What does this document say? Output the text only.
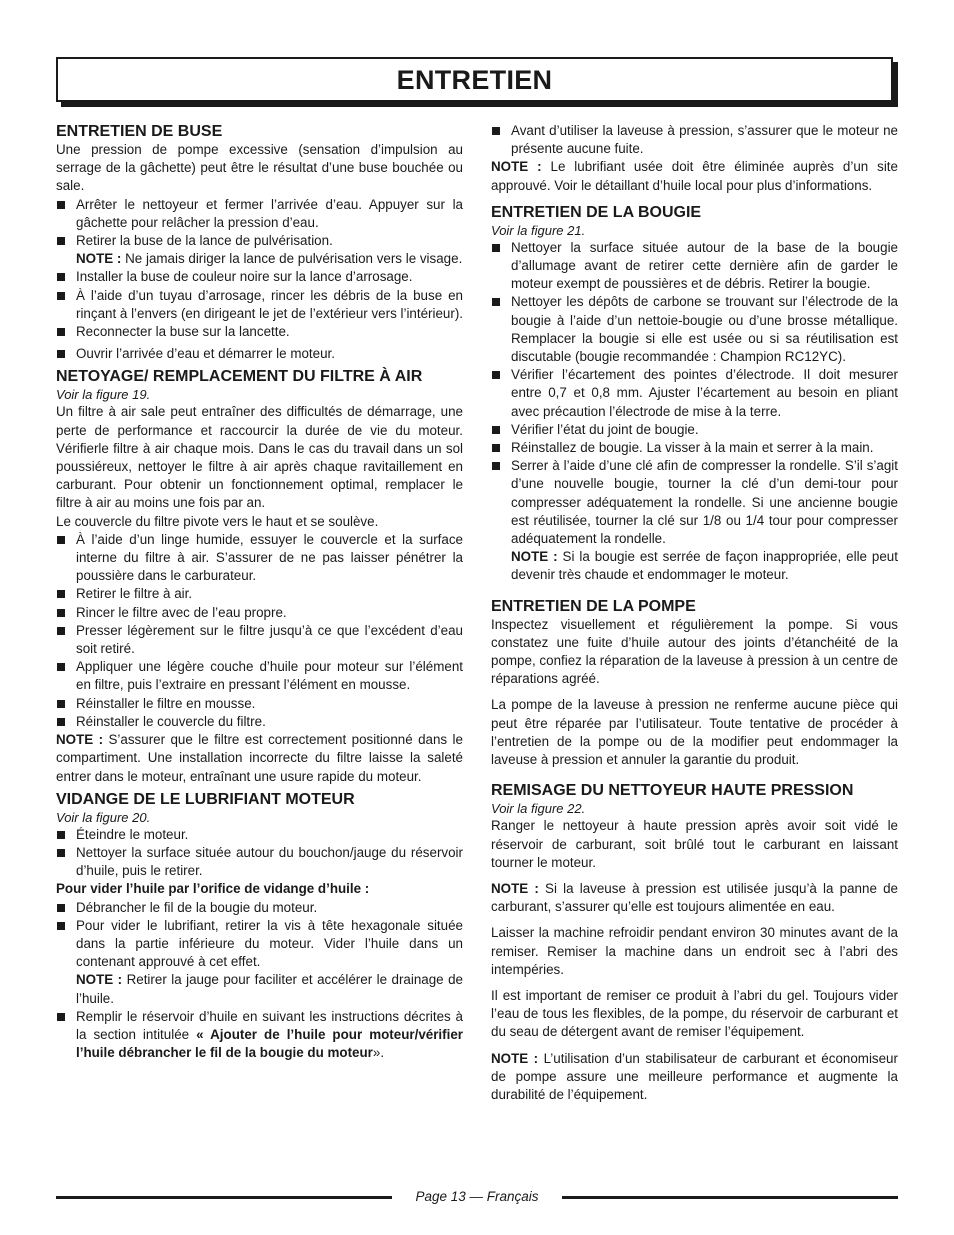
ENTRETIEN

ENTRETIEN DE BUSE

Une pression de pompe excessive (sensation d’impulsion au serrage de la gâchette) peut être le résultat d’une buse bouchée ou sale.

Arrêter le nettoyeur et fermer l’arrivée d’eau. Appuyer sur la gâchette pour relâcher la pression d’eau.
Retirer la buse de la lance de pulvérisation.
NOTE : Ne jamais diriger la lance de pulvérisation vers le visage.
Installer la buse de couleur noire sur la lance d’arrosage.
À l’aide d’un tuyau d’arrosage, rincer les débris de la buse en rinçant à l’envers (en dirigeant le jet de l’extérieur vers l’intérieur).
Reconnecter la buse sur la lancette.
Ouvrir l’arrivée d’eau et démarrer le moteur.

NETOYAGE/ REMPLACEMENT DU FILTRE À AIR

Voir la figure 19.

Un filtre à air sale peut entraîner des difficultés de démarrage, une perte de performance et raccourcir la durée de vie du moteur. Vérifierle filtre à air chaque mois. Dans le cas du travail dans un sol poussiéreux, nettoyer le filtre à air après chaque ravitaillement en carburant. Pour obtenir un fonctionnement optimal, remplacer le filtre à air au moins une fois par an.

Le couvercle du filtre pivote vers le haut et se soulève.

À l’aide d’un linge humide, essuyer le couvercle et la surface interne du filtre à air. S’assurer de ne pas laisser pénétrer la poussière dans le carburateur.
Retirer le filtre à air.
Rincer le filtre avec de l’eau propre.
Presser légèrement sur le filtre jusqu’à ce que l’excédent d’eau soit retiré.
Appliquer une légère couche d’huile pour moteur sur l’élément en filtre, puis l’extraire en pressant l’élément en mousse.
Réinstaller le filtre en mousse.
Réinstaller le couvercle du filtre.

NOTE : S’assurer que le filtre est correctement positionné dans le compartiment. Une installation incorrecte du filtre laisse la saleté entrer dans le moteur, entraînant une usure rapide du moteur.

VIDANGE DE LE LUBRIFIANT MOTEUR

Voir la figure 20.

Éteindre le moteur.
Nettoyer la surface située autour du bouchon/jauge du réservoir d’huile, puis le retirer.

Pour vider l’huile par l’orifice de vidange d’huile :

Débrancher le fil de la bougie du moteur.
Pour vider le lubrifiant, retirer la vis à tête hexagonale située dans la partie inférieure du moteur. Vider l’huile dans un contenant approuvé à cet effet.
NOTE : Retirer la jauge pour faciliter et accélérer le drainage de l’huile.
Remplir le réservoir d’huile en suivant les instructions décrites à la section intitulée « Ajouter de l’huile pour moteur/vérifier l’huile débrancher le fil de la bougie du moteur».
Avant d’utiliser la laveuse à pression, s’assurer que le moteur ne présente aucune fuite.

NOTE : Le lubrifiant usée doit être éliminée auprès d’un site approuvé. Voir le détaillant d’huile local pour plus d’informations.

ENTRETIEN DE LA BOUGIE

Voir la figure 21.

Nettoyer la surface située autour de la base de la bougie d’allumage avant de retirer cette dernière afin de garder le moteur exempt de poussières et de débris. Retirer la bougie.
Nettoyer les dépôts de carbone se trouvant sur l’électrode de la bougie à l’aide d’un nettoie-bougie ou d’une brosse métallique. Remplacer la bougie si elle est usée ou si sa réutilisation est discutable (bougie recommandée : Champion RC12YC).
Vérifier l’écartement des pointes d’électrode. Il doit mesurer entre 0,7 et 0,8 mm. Ajuster l’écartement au besoin en pliant avec précaution l’électrode de mise à la terre.
Vérifier l’état du joint de bougie.
Réinstallez de bougie. La visser à la main et serrer à la main.
Serrer à l’aide d’une clé afin de compresser la rondelle. S’il s’agit d’une nouvelle bougie, tourner la clé d’un demi-tour pour compresser adéquatement la rondelle. Si une ancienne bougie est réutilisée, tourner la clé sur 1/8 ou 1/4 tour pour compresser adéquatement la rondelle.
NOTE : Si la bougie est serrée de façon inappropriée, elle peut devenir très chaude et endommager le moteur.

ENTRETIEN DE LA POMPE

Inspectez visuellement et régulièrement la pompe. Si vous constatez une fuite d’huile autour des joints d’étanchéité de la pompe, confiez la réparation de la laveuse à pression à un centre de réparations agréé.

La pompe de la laveuse à pression ne renferme aucune pièce qui peut être réparée par l’utilisateur. Toute tentative de procéder à l’entretien de la pompe ou de la modifier peut endommager la laveuse à pression et annuler la garantie du produit.

REMISAGE DU NETTOYEUR HAUTE PRESSION

Voir la figure 22.

Ranger le nettoyeur à haute pression après avoir soit vidé le réservoir de carburant, soit brûlé tout le carburant en laissant tourner le moteur.

NOTE : Si la laveuse à pression est utilisée jusqu’à la panne de carburant, s’assurer qu’elle est toujours alimentée en eau.

Laisser la machine refroidir pendant environ 30 minutes avant de la remiser. Remiser la machine dans un endroit sec à l’abri des intempéries.

Il est important de remiser ce produit à l’abri du gel. Toujours vider l’eau de tous les flexibles, de la pompe, du réservoir de carburant et du seau de détergent avant de remiser l’équipement.

NOTE : L’utilisation d’un stabilisateur de carburant et économiseur de pompe assure une meilleure performance et augmente la durabilité de l’équipement.

Page 13 — Français
